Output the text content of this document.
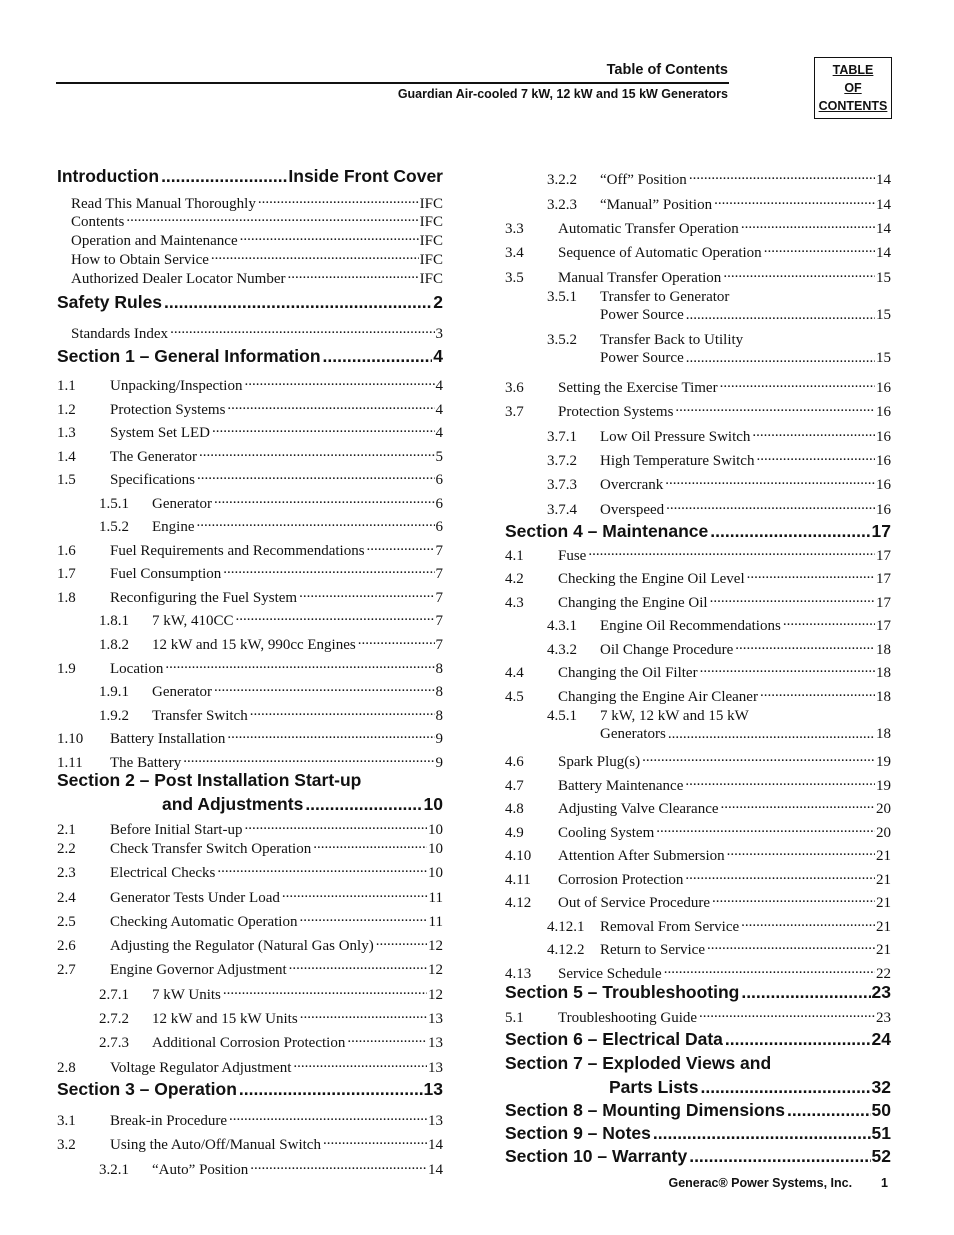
Table of Contents
Guardian Air-cooled 7 kW, 12 kW and 15 kW Generators
TABLE
OF
CONTENTS
Introduction .....	Inside Front Cover
Read This Manual Thoroughly .....	IFC
Contents .....	IFC
Operation and Maintenance .....	IFC
How to Obtain Service .....	IFC
Authorized Dealer Locator Number .....	IFC
Safety Rules .....	2
Standards Index .....	3
Section 1 – General Information .....	4
1.1	Unpacking/Inspection .....	4
1.2	Protection Systems .....	4
1.3	System Set LED .....	4
1.4	The Generator .....	5
1.5	Specifications .....	6
1.5.1	Generator .....	6
1.5.2	Engine .....	6
1.6	Fuel Requirements and Recommendations .....	7
1.7	Fuel Consumption .....	7
1.8	Reconfiguring the Fuel System .....	7
1.8.1	7 kW, 410CC .....	7
1.8.2	12 kW and 15 kW, 990cc Engines .....	7
1.9	Location .....	8
1.9.1	Generator .....	8
1.9.2	Transfer Switch .....	8
1.10	Battery Installation .....	9
1.11	The Battery .....	9
Section 2 – Post Installation Start-up
and Adjustments .....	10
2.1	Before Initial Start-up .....	10
2.2	Check Transfer Switch Operation .....	10
2.3	Electrical Checks .....	10
2.4	Generator Tests Under Load .....	11
2.5	Checking Automatic Operation .....	11
2.6	Adjusting the Regulator (Natural Gas Only) .....	12
2.7	Engine Governor Adjustment .....	12
2.7.1	7 kW Units .....	12
2.7.2	12 kW and 15 kW Units .....	13
2.7.3	Additional Corrosion Protection .....	13
2.8	Voltage Regulator Adjustment .....	13
Section 3 – Operation .....	13
3.1	Break-in Procedure .....	13
3.2	Using the Auto/Off/Manual Switch .....	14
3.2.1	“Auto” Position .....	14
3.2.2	“Off” Position .....	14
3.2.3	“Manual” Position .....	14
3.3	Automatic Transfer Operation .....	14
3.4	Sequence of Automatic Operation .....	14
3.5	Manual Transfer Operation .....	15
3.5.1	Transfer to Generator
Power Source .....	15
3.5.2	Transfer Back to Utility
Power Source .....	15
3.6	Setting the Exercise Timer .....	16
3.7	Protection Systems .....	16
3.7.1	Low Oil Pressure Switch .....	16
3.7.2	High Temperature Switch .....	16
3.7.3	Overcrank .....	16
3.7.4	Overspeed .....	16
Section 4 – Maintenance .....	17
4.1	Fuse .....	17
4.2	Checking the Engine Oil Level .....	17
4.3	Changing the Engine Oil .....	17
4.3.1	Engine Oil Recommendations .....	17
4.3.2	Oil Change Procedure .....	18
4.4	Changing the Oil Filter .....	18
4.5	Changing the Engine Air Cleaner .....	18
4.5.1	7 kW, 12 kW and 15 kW
Generators .....	18
4.6	Spark Plug(s) .....	19
4.7	Battery Maintenance .....	19
4.8	Adjusting Valve Clearance .....	20
4.9	Cooling System .....	20
4.10	Attention After Submersion .....	21
4.11	Corrosion Protection .....	21
4.12	Out of Service Procedure .....	21
4.12.1	Removal From Service .....	21
4.12.2	Return to Service .....	21
4.13	Service Schedule .....	22
Section 5 – Troubleshooting .....	23
5.1	Troubleshooting Guide .....	23
Section 6 – Electrical Data .....	24
Section 7 – Exploded Views and
Parts Lists .....	32
Section 8 – Mounting Dimensions .....	50
Section 9 – Notes .....	51
Section 10 – Warranty .....	52
Generac® Power Systems, Inc. 1
